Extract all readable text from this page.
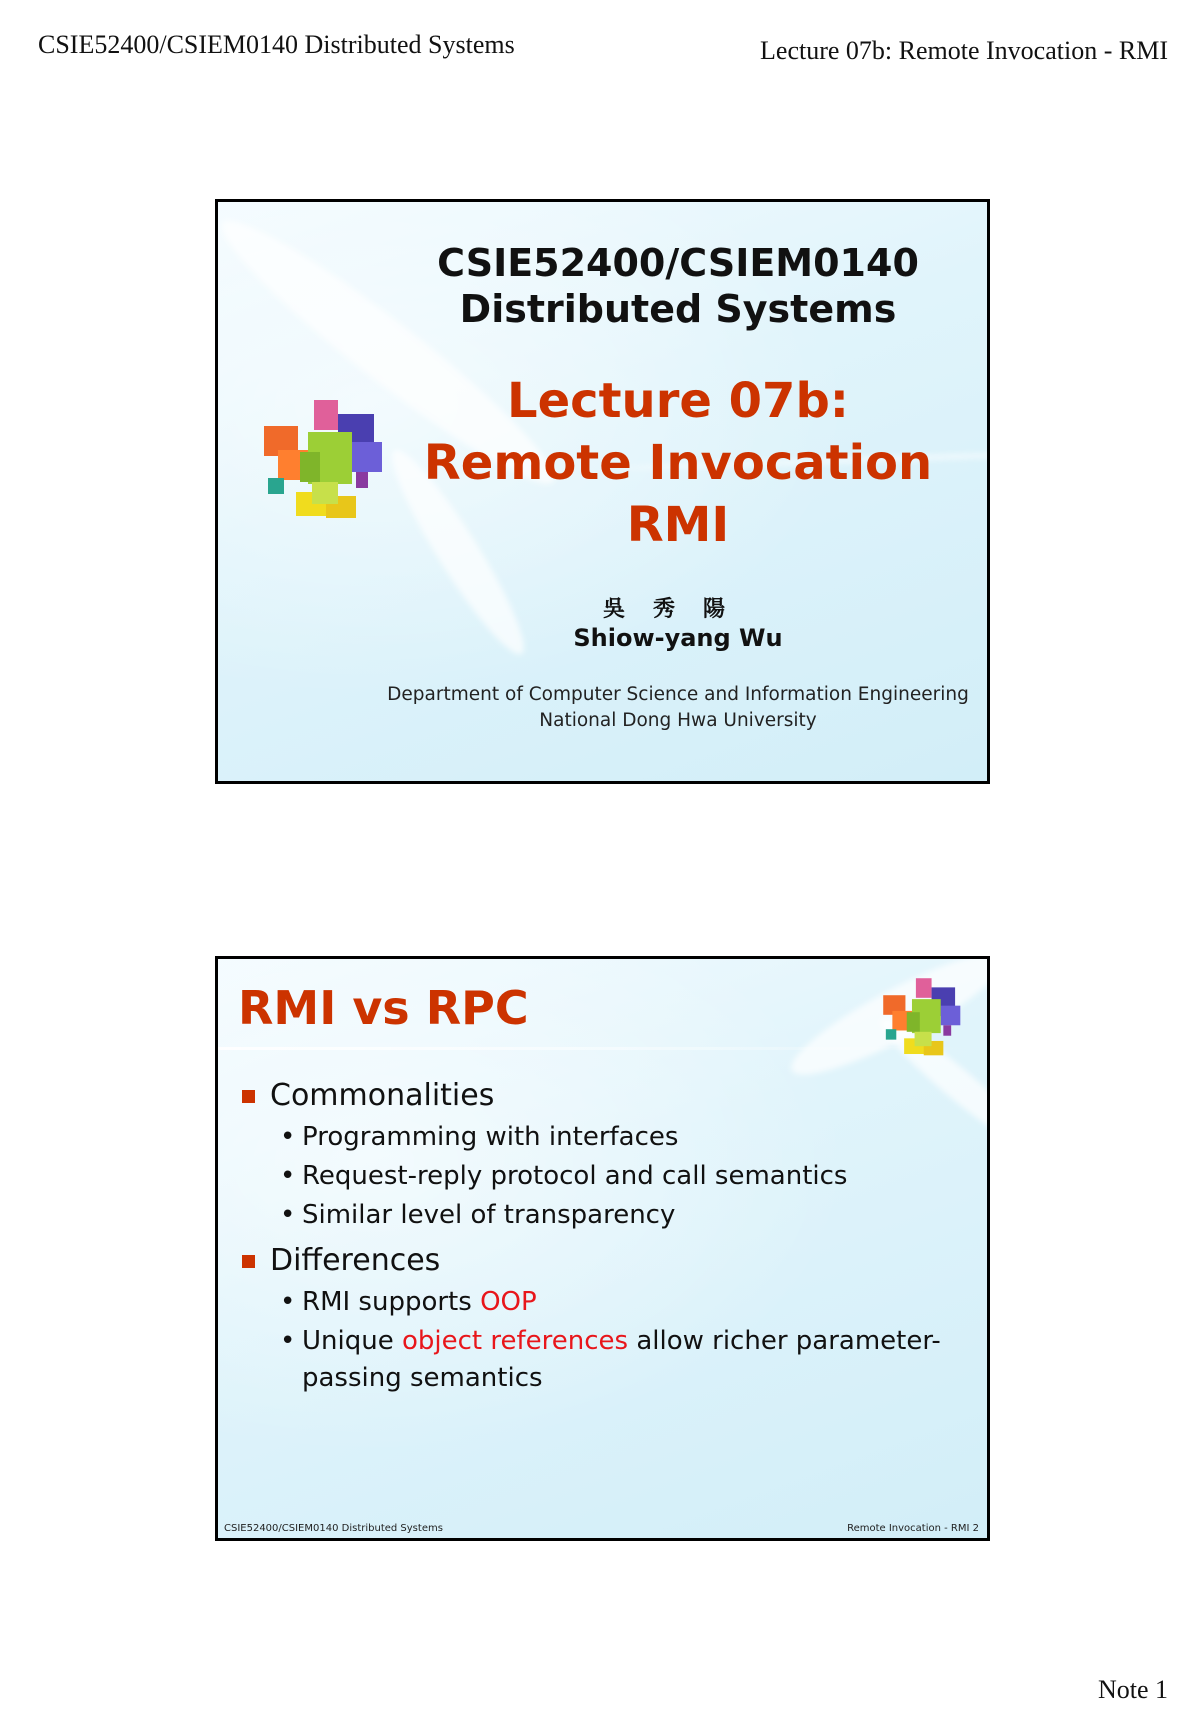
CSIE52400/CSIEM0140 Distributed Systems	Lecture 07b: Remote Invocation - RMI
CSIE52400/CSIEM0140
Distributed Systems
Lecture 07b:
Remote Invocation
RMI
吳秀陽
Shiow-yang Wu
Department of Computer Science and Information Engineering
National Dong Hwa University
RMI vs RPC
Commonalities
• Programming with interfaces
• Request-reply protocol and call semantics
• Similar level of transparency
Differences
• RMI supports OOP
• Unique object references allow richer parameter-passing semantics
CSIE52400/CSIEM0140 Distributed Systems	Remote Invocation - RMI 2
Note 1
